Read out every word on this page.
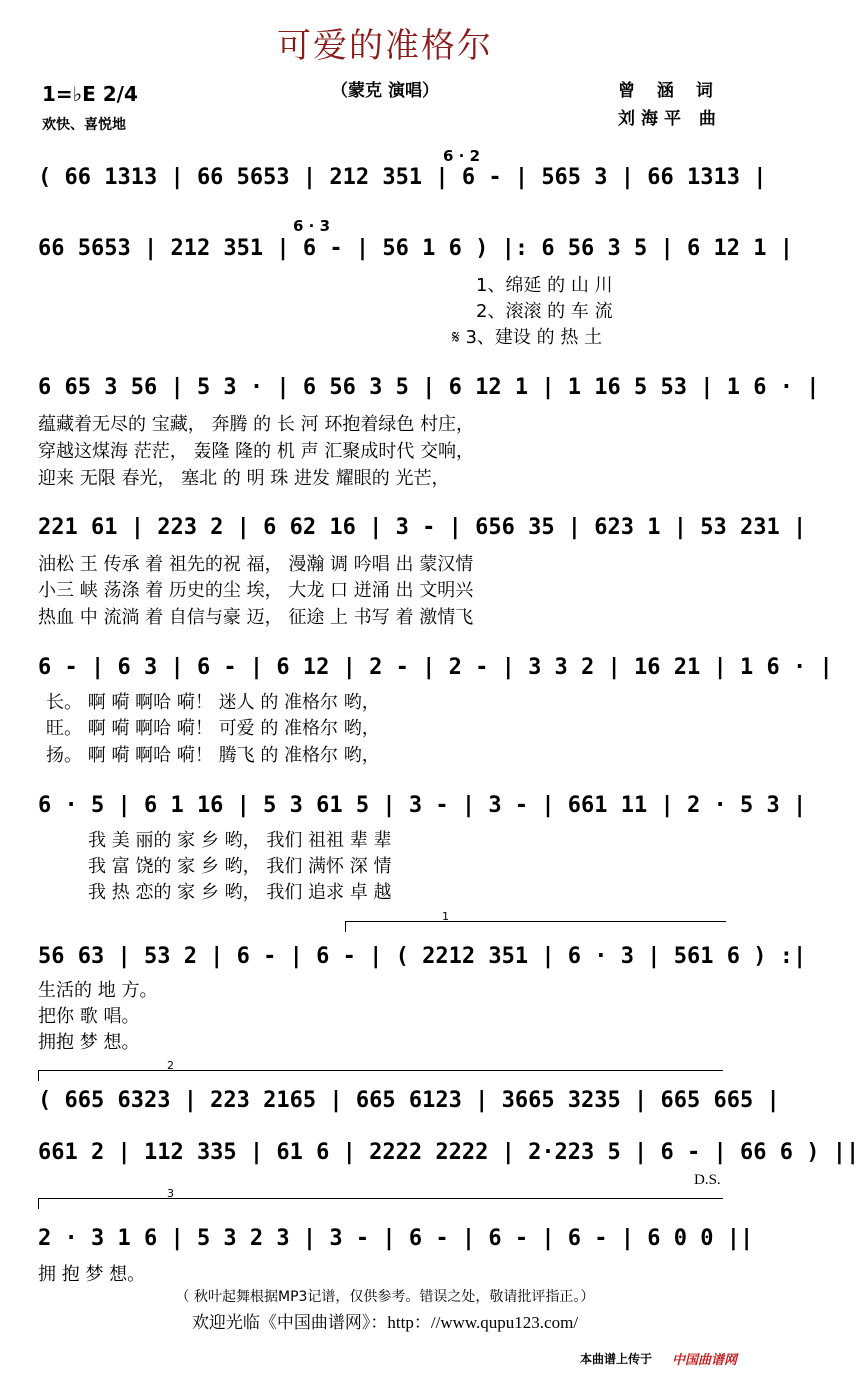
可爱的准格尔
（蒙克 演唱）
1=♭E 2/4
欢快、喜悦地
曾 涵 词
刘海平 曲
6 · 2
6 · 3
( 66 1313 | 66 5653 | 212 351 | 6 - | 565 3 | 66 1313 |
66 5653 | 212 351 | 6 - | 56 1 6 ) |: 6 56 3 5 | 6 12 1 |
1、绵延 的 山 川
2、滚滚 的 车 流
𝄋 3、建设 的 热 土
6 65 3 56 | 5 3 · | 6 56 3 5 | 6 12 1 | 1 16 5 53 | 1 6 · |
蕴藏着无尽的 宝藏， 奔腾 的 长 河 环抱着绿色 村庄，
穿越这煤海 茫茫， 轰隆 隆的 机 声 汇聚成时代 交响，
迎来 无限 春光， 塞北 的 明 珠 进发 耀眼的 光芒，
221 61 | 223 2 | 6 62 16 | 3 - | 656 35 | 623 1 | 53 231 |
油松 王 传承 着 祖先的祝 福， 漫瀚 调 吟唱 出 蒙汉情
小三 峡 荡涤 着 历史的尘 埃， 大龙 口 迸涌 出 文明兴
热血 中 流淌 着 自信与豪 迈， 征途 上 书写 着 激情飞
6 - | 6 3 | 6 - | 6 12 | 2 - | 2 - | 3 3 2 | 16 21 | 1 6 · |
长。 啊 嗬 啊哈 嗬！ 迷人 的 准格尔 哟，
旺。 啊 嗬 啊哈 嗬！ 可爱 的 准格尔 哟，
扬。 啊 嗬 啊哈 嗬！ 腾飞 的 准格尔 哟，
6 · 5 | 6 1 16 | 5 3 61 5 | 3 - | 3 - | 661 11 | 2 · 5 3 |
我 美 丽的 家 乡 哟， 我们 祖祖 辈 辈
我 富 饶的 家 乡 哟， 我们 满怀 深 情
我 热 恋的 家 乡 哟， 我们 追求 卓 越
1
56 63 | 53 2 | 6 - | 6 - | ( 2212 351 | 6 · 3 | 561 6 ) :|
生活的 地 方。
把你 歌 唱。
拥抱 梦 想。
2
( 665 6323 | 223 2165 | 665 6123 | 3665 3235 | 665 665 |
661 2 | 112 335 | 61 6 | 2222 2222 | 2·223 5 | 6 - | 66 6 ) ||
D.S.
3
2 · 3 1 6 | 5 3 2 3 | 3 - | 6 - | 6 - | 6 - | 6 0 0 ||
拥 抱 梦 想。
（ 秋叶起舞根据MP3记谱，仅供参考。错误之处，敬请批评指正。）
欢迎光临《中国曲谱网》：http：//www.qupu123.com/
本曲谱上传于 中国曲谱网
